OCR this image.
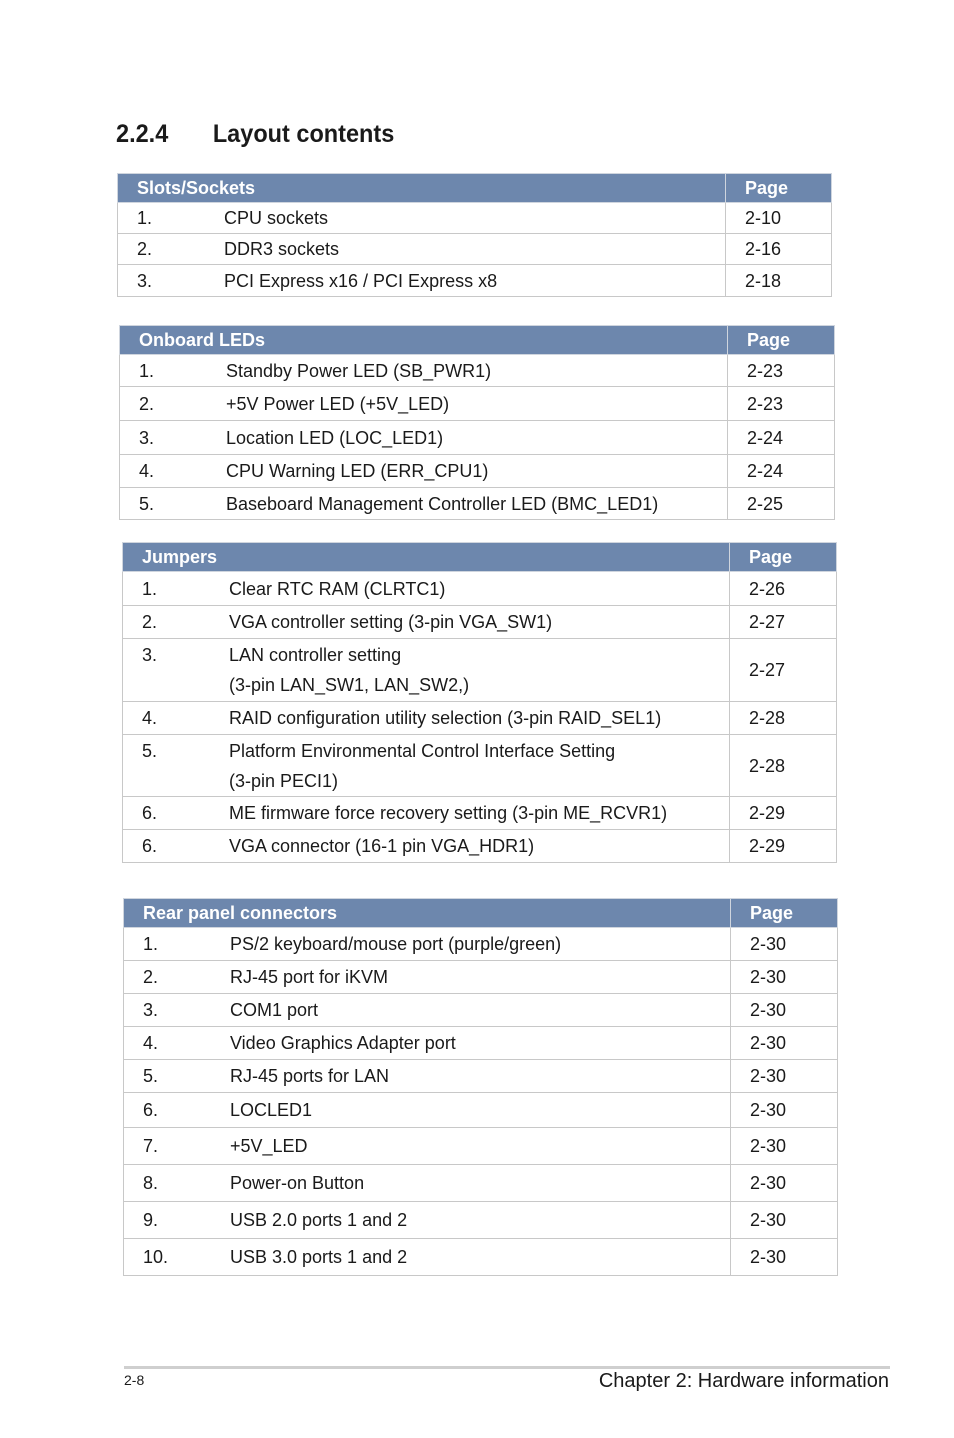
2.2.4	Layout contents
Slots/Sockets	Page

1. CPU sockets	2-10

2. DDR3 sockets	2-16

3. PCI Express x16 / PCI Express x8	2-18
Onboard LEDs	Page

1. Standby Power LED (SB_PWR1)	2-23

2. +5V Power LED (+5V_LED)	2-23

3. Location LED (LOC_LED1)	2-24

4. CPU Warning LED (ERR_CPU1)	2-24

5. Baseboard Management Controller LED (BMC_LED1)	2-25
Jumpers	Page

1. Clear RTC RAM (CLRTC1)	2-26

2. VGA controller setting (3-pin VGA_SW1)	2-27

3. LAN controller setting
(3-pin LAN_SW1, LAN_SW2,)	2-27

4. RAID configuration utility selection (3-pin RAID_SEL1)	2-28

5. Platform Environmental Control Interface Setting
(3-pin PECI1)	2-28

6. ME firmware force recovery setting (3-pin ME_RCVR1)	2-29

6. VGA connector (16-1 pin VGA_HDR1)	2-29
Rear panel connectors	Page

1. PS/2 keyboard/mouse port (purple/green)	2-30

2. RJ-45 port for iKVM	2-30

3. COM1 port	2-30

4. Video Graphics Adapter port	2-30

5. RJ-45 ports for LAN	2-30

6. LOCLED1	2-30

7. +5V_LED	2-30

8. Power-on Button	2-30

9. USB 2.0 ports 1 and 2	2-30

10. USB 3.0 ports 1 and 2	2-30
2-8	Chapter 2: Hardware information
